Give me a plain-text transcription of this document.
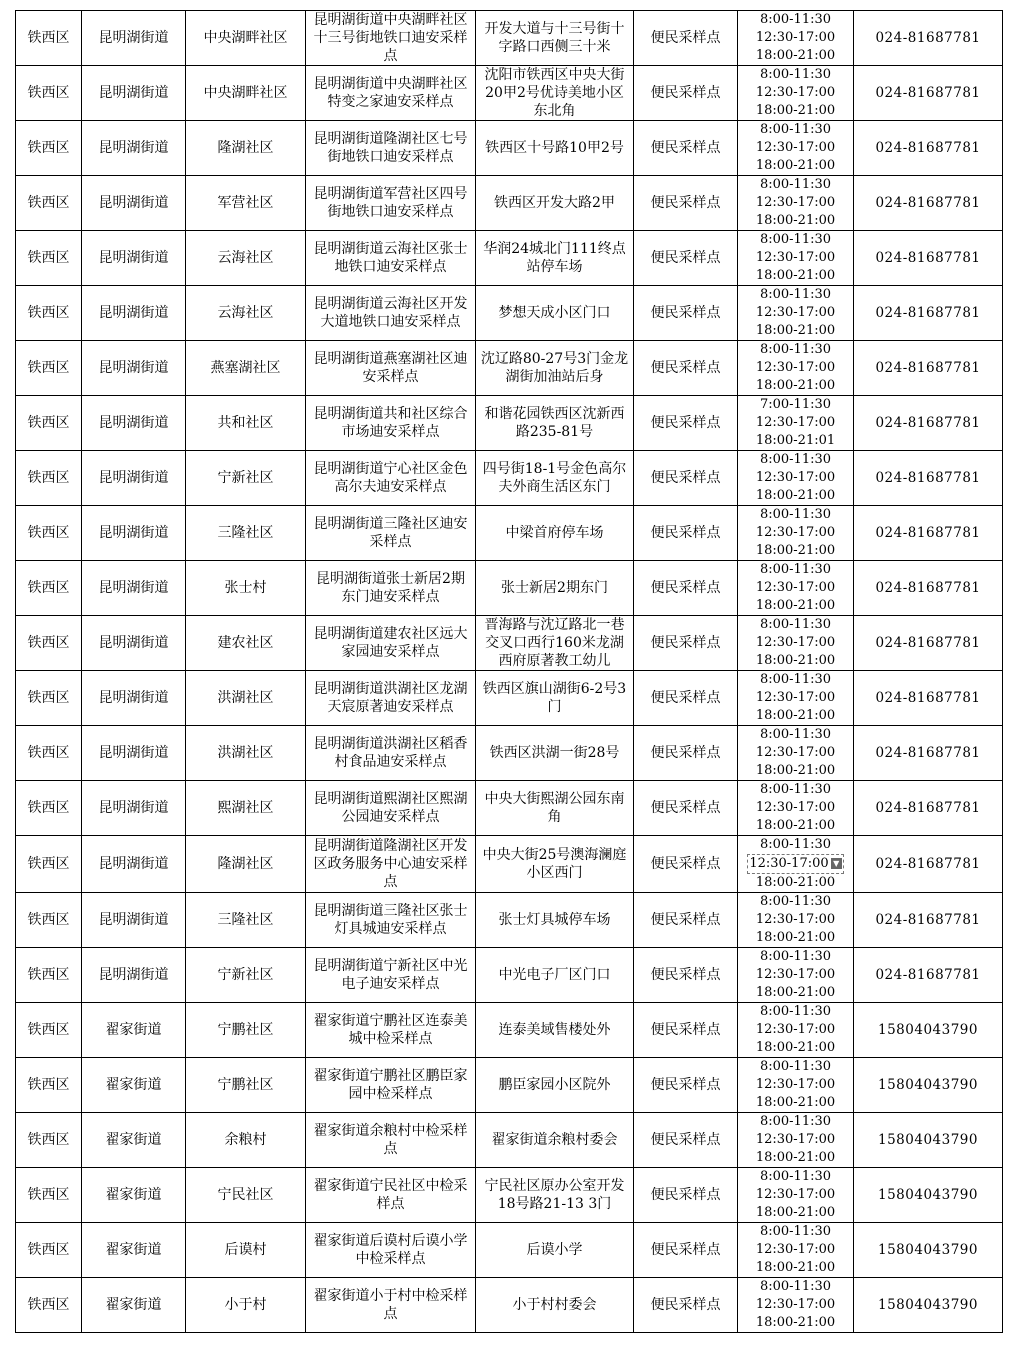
铁西区	昆明湖街道	中央湖畔社区	昆明湖街道中央湖畔社区十三号街地铁口迪安采样点	开发大道与十三号街十字路口西侧三十米	便民采样点	8:00-11:30
12:30-17:00
18:00-21:00	024-81687781

铁西区	昆明湖街道	中央湖畔社区	昆明湖街道中央湖畔社区特变之家迪安采样点	沈阳市铁西区中央大街20甲2号优诗美地小区东北角	便民采样点	8:00-11:30
12:30-17:00
18:00-21:00	024-81687781

铁西区	昆明湖街道	隆湖社区	昆明湖街道隆湖社区七号街地铁口迪安采样点	铁西区十号路10甲2号	便民采样点	8:00-11:30
12:30-17:00
18:00-21:00	024-81687781

铁西区	昆明湖街道	军营社区	昆明湖街道军营社区四号街地铁口迪安采样点	铁西区开发大路2甲	便民采样点	8:00-11:30
12:30-17:00
18:00-21:00	024-81687781

铁西区	昆明湖街道	云海社区	昆明湖街道云海社区张士地铁口迪安采样点	华润24城北门111终点站停车场	便民采样点	8:00-11:30
12:30-17:00
18:00-21:00	024-81687781

铁西区	昆明湖街道	云海社区	昆明湖街道云海社区开发大道地铁口迪安采样点	梦想天成小区门口	便民采样点	8:00-11:30
12:30-17:00
18:00-21:00	024-81687781

铁西区	昆明湖街道	燕塞湖社区	昆明湖街道燕塞湖社区迪安采样点	沈辽路80-27号3门金龙湖街加油站后身	便民采样点	8:00-11:30
12:30-17:00
18:00-21:00	024-81687781

铁西区	昆明湖街道	共和社区	昆明湖街道共和社区综合市场迪安采样点	和谐花园铁西区沈新西路235-81号	便民采样点	7:00-11:30
12:30-17:00
18:00-21:01	024-81687781

铁西区	昆明湖街道	宁新社区	昆明湖街道宁心社区金色高尔夫迪安采样点	四号街18-1号金色高尔夫外商生活区东门	便民采样点	8:00-11:30
12:30-17:00
18:00-21:00	024-81687781

铁西区	昆明湖街道	三隆社区	昆明湖街道三隆社区迪安采样点	中梁首府停车场	便民采样点	8:00-11:30
12:30-17:00
18:00-21:00	024-81687781

铁西区	昆明湖街道	张士村	昆明湖街道张士新居2期东门迪安采样点	张士新居2期东门	便民采样点	8:00-11:30
12:30-17:00
18:00-21:00	024-81687781

铁西区	昆明湖街道	建农社区	昆明湖街道建农社区远大家园迪安采样点	晋海路与沈辽路北一巷交叉口西行160米龙湖西府原著教工幼儿	便民采样点	8:00-11:30
12:30-17:00
18:00-21:00	024-81687781

铁西区	昆明湖街道	洪湖社区	昆明湖街道洪湖社区龙湖天宸原著迪安采样点	铁西区旗山湖街6-2号3门	便民采样点	8:00-11:30
12:30-17:00
18:00-21:00	024-81687781

铁西区	昆明湖街道	洪湖社区	昆明湖街道洪湖社区稻香村食品迪安采样点	铁西区洪湖一街28号	便民采样点	8:00-11:30
12:30-17:00
18:00-21:00	024-81687781

铁西区	昆明湖街道	熙湖社区	昆明湖街道熙湖社区熙湖公园迪安采样点	中央大街熙湖公园东南角	便民采样点	8:00-11:30
12:30-17:00
18:00-21:00	024-81687781

铁西区	昆明湖街道	隆湖社区	昆明湖街道隆湖社区开发区政务服务中心迪安采样点	中央大街25号澳海澜庭小区西门	便民采样点	8:00-11:30
12:30-17:00 ▼
18:00-21:00	024-81687781

铁西区	昆明湖街道	三隆社区	昆明湖街道三隆社区张士灯具城迪安采样点	张士灯具城停车场	便民采样点	8:00-11:30
12:30-17:00
18:00-21:00	024-81687781

铁西区	昆明湖街道	宁新社区	昆明湖街道宁新社区中光电子迪安采样点	中光电子厂区门口	便民采样点	8:00-11:30
12:30-17:00
18:00-21:00	024-81687781

铁西区	翟家街道	宁鹏社区	翟家街道宁鹏社区连泰美城中检采样点	连泰美域售楼处外	便民采样点	8:00-11:30
12:30-17:00
18:00-21:00	15804043790

铁西区	翟家街道	宁鹏社区	翟家街道宁鹏社区鹏臣家园中检采样点	鹏臣家园小区院外	便民采样点	8:00-11:30
12:30-17:00
18:00-21:00	15804043790

铁西区	翟家街道	余粮村	翟家街道余粮村中检采样点	翟家街道余粮村委会	便民采样点	8:00-11:30
12:30-17:00
18:00-21:00	15804043790

铁西区	翟家街道	宁民社区	翟家街道宁民社区中检采样点	宁民社区原办公室开发18号路21-13 3门	便民采样点	8:00-11:30
12:30-17:00
18:00-21:00	15804043790

铁西区	翟家街道	后谟村	翟家街道后谟村后谟小学中检采样点	后谟小学	便民采样点	8:00-11:30
12:30-17:00
18:00-21:00	15804043790

铁西区	翟家街道	小于村	翟家街道小于村中检采样点	小于村村委会	便民采样点	8:00-11:30
12:30-17:00
18:00-21:00	15804043790
